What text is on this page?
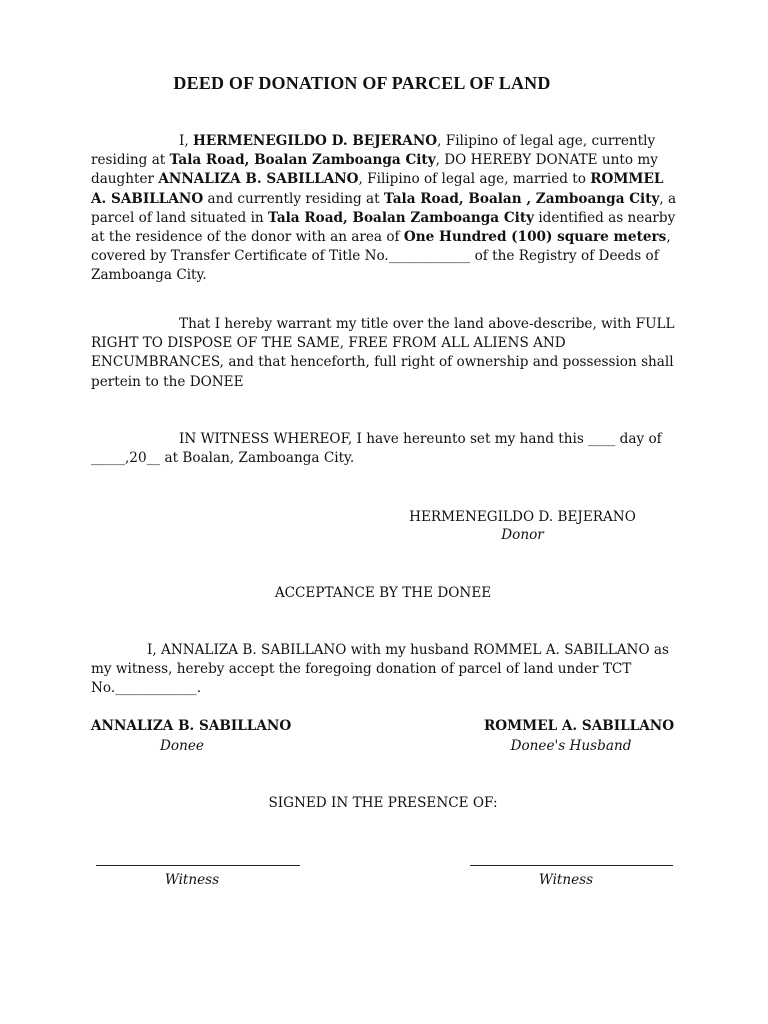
DEED OF DONATION OF PARCEL OF LAND
I, HERMENEGILDO D. BEJERANO, Filipino of legal age, currently residing at Tala Road, Boalan Zamboanga City, DO HEREBY DONATE unto my daughter ANNALIZA B. SABILLANO, Filipino of legal age, married to ROMMEL A. SABILLANO and currently residing at Tala Road, Boalan , Zamboanga City, a parcel of land situated in Tala Road, Boalan Zamboanga City identified as nearby at the residence of the donor with an area of One Hundred (100) square meters, covered by Transfer Certificate of Title No.____________ of the Registry of Deeds of Zamboanga City.
That I hereby warrant my title over the land above-describe, with FULL RIGHT TO DISPOSE OF THE SAME, FREE FROM ALL ALIENS AND ENCUMBRANCES, and that henceforth, full right of ownership and possession shall pertein to the DONEE
IN WITNESS WHEREOF, I have hereunto set my hand this ____ day of _____,20__ at Boalan, Zamboanga City.
HERMENEGILDO D. BEJERANO
Donor
ACCEPTANCE BY THE DONEE
I, ANNALIZA B. SABILLANO with my husband ROMMEL A. SABILLANO as my witness, hereby accept the foregoing donation of parcel of land under TCT No.____________.
ANNALIZA B. SABILLANO
Donee
ROMMEL A. SABILLANO
Donee's Husband
SIGNED IN THE PRESENCE OF:
Witness	Witness
